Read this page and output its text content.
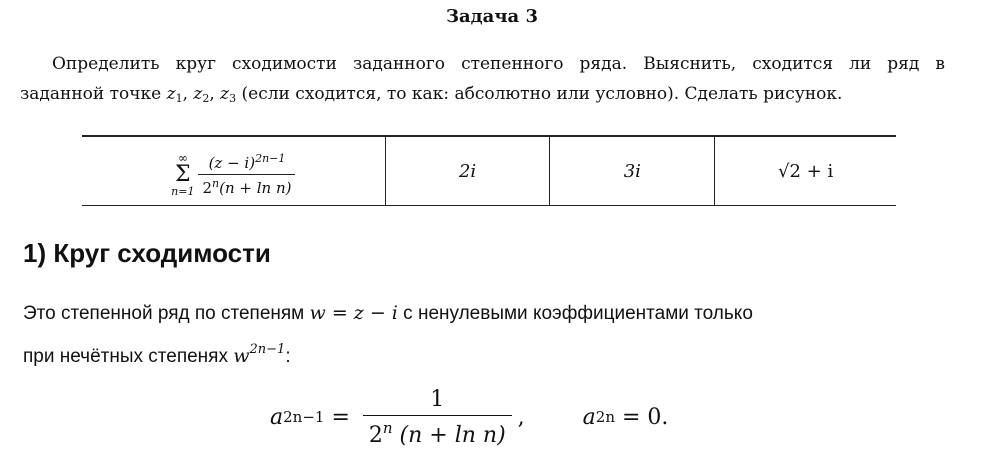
Задача 3
Определить круг сходимости заданного степенного ряда. Выяснить, сходится ли ряд в
заданной точке $z_1$, $z_2$, $z_3$ (если сходится, то как: абсолютно или условно). Сделать рисунок.
∞
Σ
$n=1 \frac{(z - i)^{2n-1}}{2^n(n + \ln n)}$	2i	3i	√2 + i
1) Круг сходимости
Это степенной ряд по степеням w = z − i с ненулевыми коэффициентами только
при нечётных степенях $w^{2n-1}$:
a $2n-1 = \frac{1}{2^n (n + \ln n)}$ ,	a 2n = 0.
